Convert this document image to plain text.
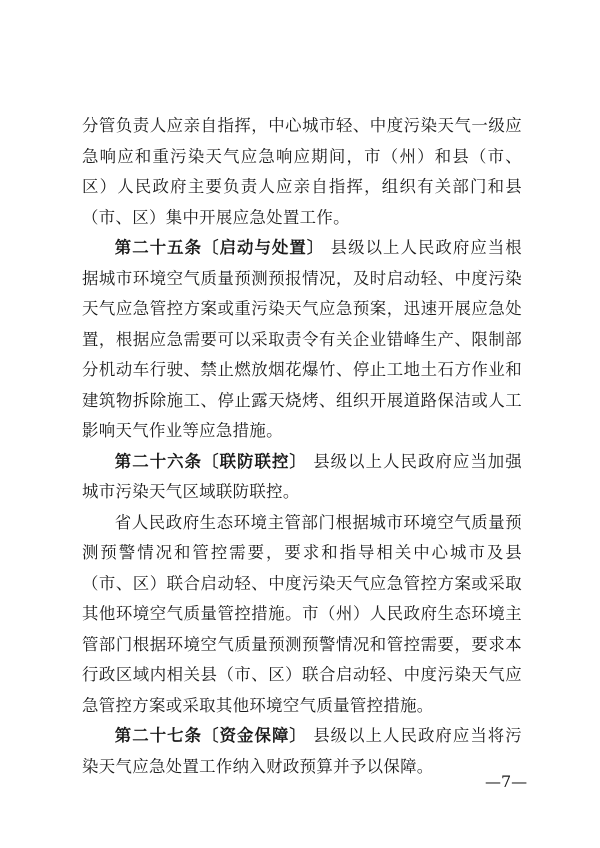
分管负责人应亲自指挥，中心城市轻、中度污染天气一级应急响应和重污染天气应急响应期间，市（州）和县（市、区）人民政府主要负责人应亲自指挥，组织有关部门和县（市、区）集中开展应急处置工作。

第二十五条〔启动与处置〕 县级以上人民政府应当根据城市环境空气质量预测预报情况，及时启动轻、中度污染天气应急管控方案或重污染天气应急预案，迅速开展应急处置，根据应急需要可以采取责令有关企业错峰生产、限制部分机动车行驶、禁止燃放烟花爆竹、停止工地土石方作业和建筑物拆除施工、停止露天烧烤、组织开展道路保洁或人工影响天气作业等应急措施。

第二十六条〔联防联控〕 县级以上人民政府应当加强城市污染天气区域联防联控。

省人民政府生态环境主管部门根据城市环境空气质量预测预警情况和管控需要，要求和指导相关中心城市及县（市、区）联合启动轻、中度污染天气应急管控方案或采取其他环境空气质量管控措施。市（州）人民政府生态环境主管部门根据环境空气质量预测预警情况和管控需要，要求本行政区域内相关县（市、区）联合启动轻、中度污染天气应急管控方案或采取其他环境空气质量管控措施。

第二十七条〔资金保障〕 县级以上人民政府应当将污染天气应急处置工作纳入财政预算并予以保障。

—7—
